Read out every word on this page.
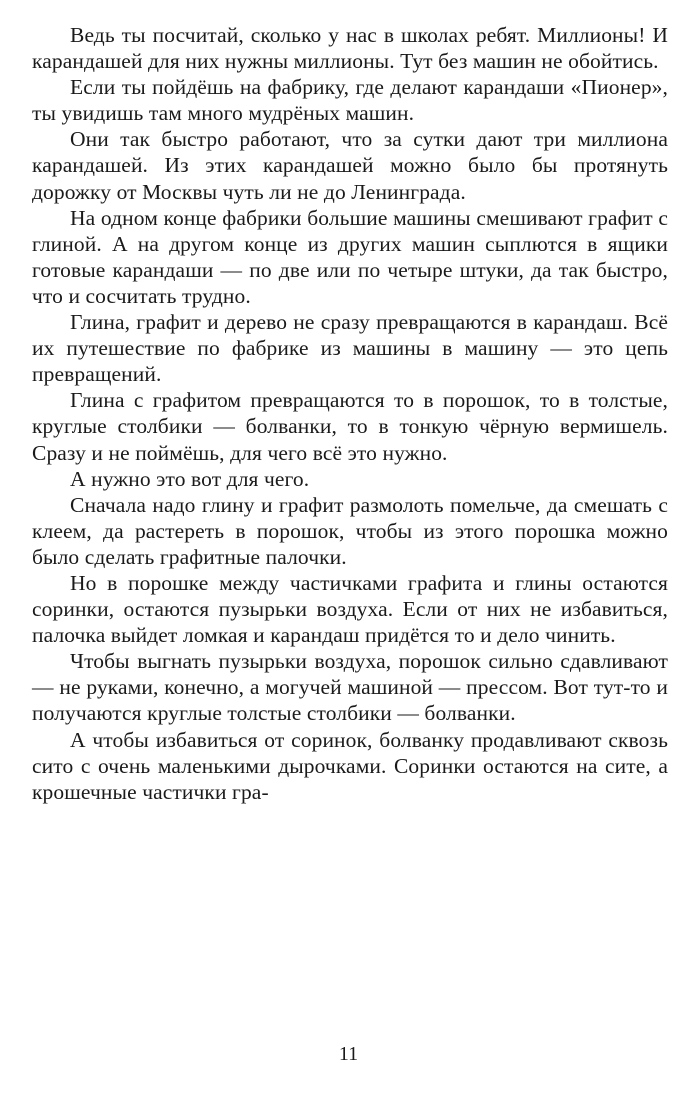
Ведь ты посчитай, сколько у нас в школах ребят. Миллионы! И карандашей для них нужны миллионы. Тут без машин не обойтись.

Если ты пойдёшь на фабрику, где делают карандаши «Пионер», ты увидишь там много мудрёных машин.

Они так быстро работают, что за сутки дают три миллиона карандашей. Из этих карандашей можно было бы протянуть дорожку от Москвы чуть ли не до Ленинграда.

На одном конце фабрики большие машины смешивают графит с глиной. А на другом конце из других машин сыплются в ящики готовые карандаши — по две или по четыре штуки, да так быстро, что и сосчитать трудно.

Глина, графит и дерево не сразу превращаются в карандаш. Всё их путешествие по фабрике из машины в машину — это цепь превращений.

Глина с графитом превращаются то в порошок, то в толстые, круглые столбики — болванки, то в тонкую чёрную вермишель. Сразу и не поймёшь, для чего всё это нужно.

А нужно это вот для чего.

Сначала надо глину и графит размолоть помельче, да смешать с клеем, да растереть в порошок, чтобы из этого порошка можно было сделать графитные палочки.

Но в порошке между частичками графита и глины остаются соринки, остаются пузырьки воздуха. Если от них не избавиться, палочка выйдет ломкая и карандаш придётся то и дело чинить.

Чтобы выгнать пузырьки воздуха, порошок сильно сдавливают — не руками, конечно, а могучей машиной — прессом. Вот тут-то и получаются круглые толстые столбики — болванки.

А чтобы избавиться от соринок, болванку продавливают сквозь сито с очень маленькими дырочками. Соринки остаются на сите, а крошечные частички гра-

11
